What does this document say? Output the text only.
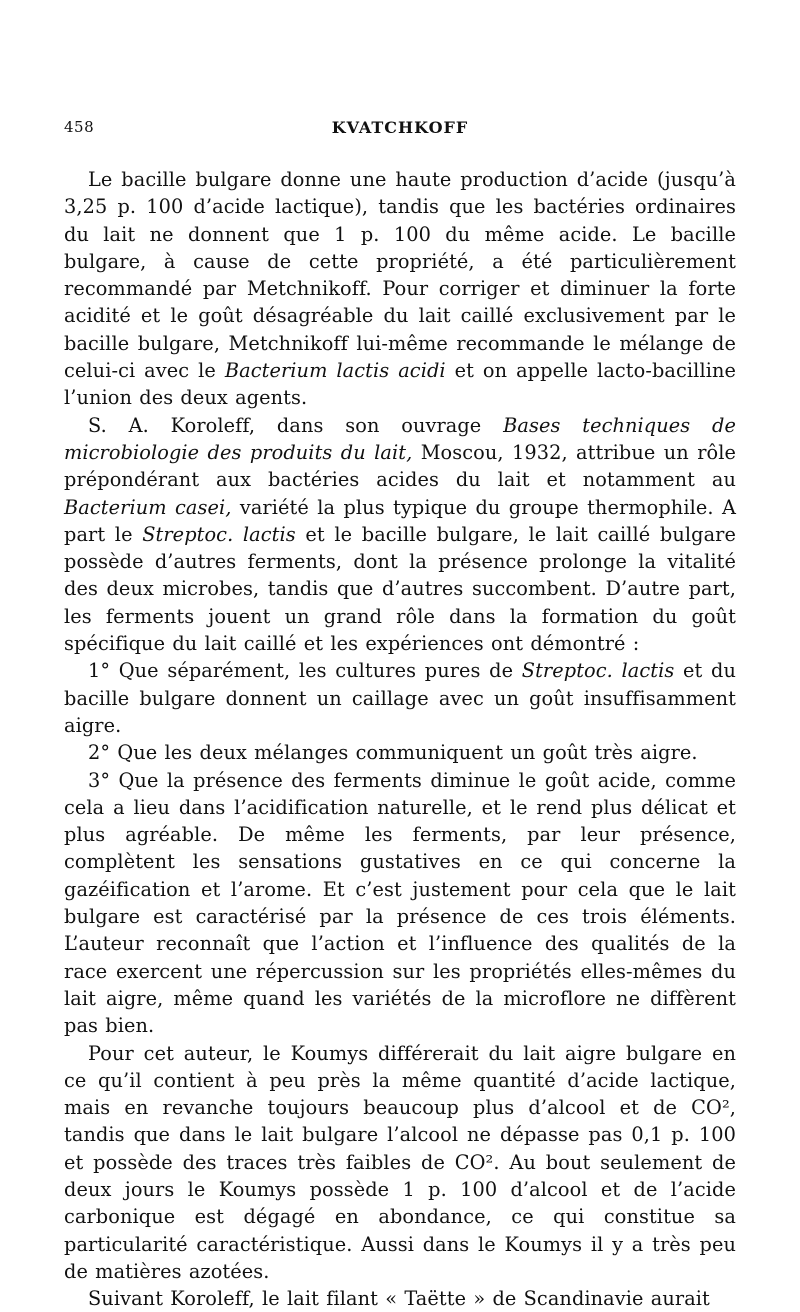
458	KVATCHKOFF

Le bacille bulgare donne une haute production d’acide (jusqu’à 3,25 p. 100 d’acide lactique), tandis que les bactéries ordinaires du lait ne donnent que 1 p. 100 du même acide. Le bacille bulgare, à cause de cette propriété, a été particulièrement recommandé par Metchnikoff. Pour corriger et diminuer la forte acidité et le goût désagréable du lait caillé exclusivement par le bacille bulgare, Metchnikoff lui-même recommande le mélange de celui-ci avec le Bacterium lactis acidi et on appelle lacto-bacilline l’union des deux agents.

S. A. Koroleff, dans son ouvrage Bases techniques de microbiologie des produits du lait, Moscou, 1932, attribue un rôle prépondérant aux bactéries acides du lait et notamment au Bacterium casei, variété la plus typique du groupe thermophile. A part le Streptoc. lactis et le bacille bulgare, le lait caillé bulgare possède d’autres ferments, dont la présence prolonge la vitalité des deux microbes, tandis que d’autres succombent. D’autre part, les ferments jouent un grand rôle dans la formation du goût spécifique du lait caillé et les expériences ont démontré :

1° Que séparément, les cultures pures de Streptoc. lactis et du bacille bulgare donnent un caillage avec un goût insuffisamment aigre.

2° Que les deux mélanges communiquent un goût très aigre.

3° Que la présence des ferments diminue le goût acide, comme cela a lieu dans l’acidification naturelle, et le rend plus délicat et plus agréable. De même les ferments, par leur présence, complètent les sensations gustatives en ce qui concerne la gazéification et l’arome. Et c’est justement pour cela que le lait bulgare est caractérisé par la présence de ces trois éléments. L’auteur reconnaît que l’action et l’influence des qualités de la race exercent une répercussion sur les propriétés elles-mêmes du lait aigre, même quand les variétés de la microflore ne diffèrent pas bien.

Pour cet auteur, le Koumys différerait du lait aigre bulgare en ce qu’il contient à peu près la même quantité d’acide lactique, mais en revanche toujours beaucoup plus d’alcool et de CO², tandis que dans le lait bulgare l’alcool ne dépasse pas 0,1 p. 100 et possède des traces très faibles de CO². Au bout seulement de deux jours le Koumys possède 1 p. 100 d’alcool et de l’acide carbonique est dégagé en abondance, ce qui constitue sa particularité caractéristique. Aussi dans le Koumys il y a très peu de matières azotées.

Suivant Koroleff, le lait filant « Taëtte » de Scandinavie aurait
